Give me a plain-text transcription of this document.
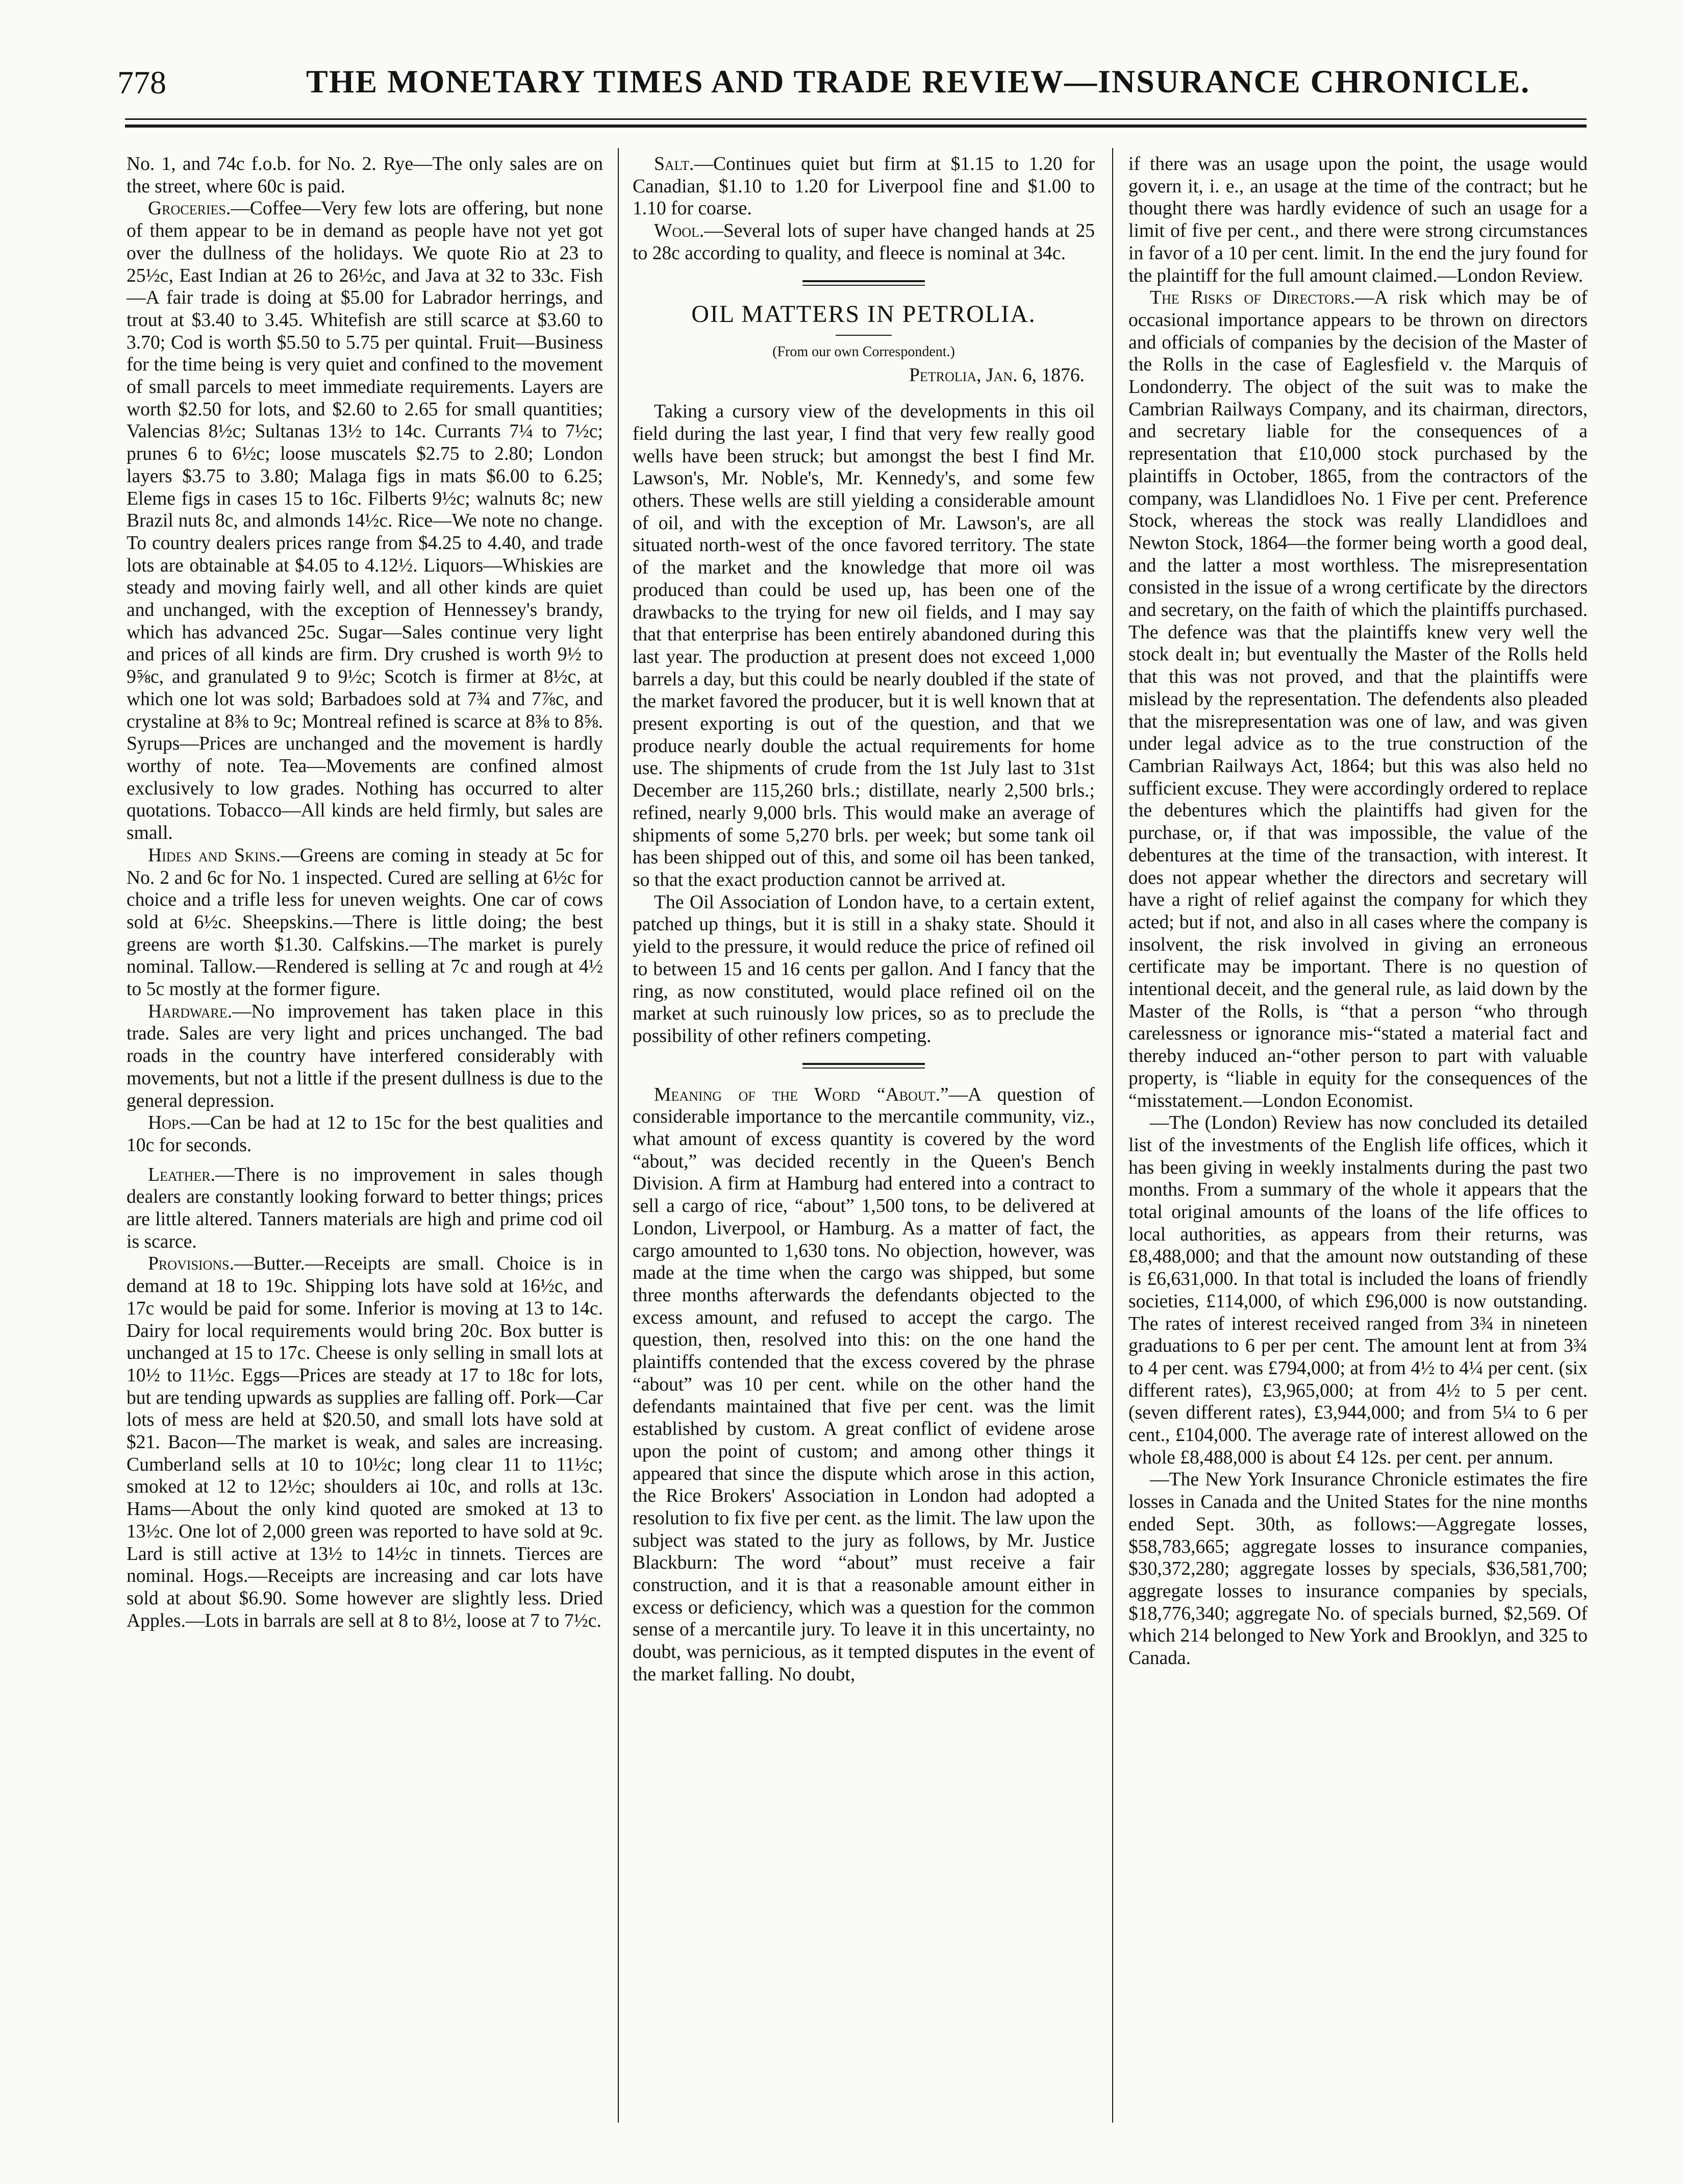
778	THE MONETARY TIMES AND TRADE REVIEW—INSURANCE CHRONICLE.

No. 1, and 74c f.o.b. for No. 2. Rye—The only sales are on the street, where 60c is paid.

Groceries.—Coffee—Very few lots are offering, but none of them appear to be in demand as people have not yet got over the dullness of the holidays. We quote Rio at 23 to 25½c, East Indian at 26 to 26½c, and Java at 32 to 33c. Fish—A fair trade is doing at $5.00 for Labrador herrings, and trout at $3.40 to 3.45. Whitefish are still scarce at $3.60 to 3.70; Cod is worth $5.50 to 5.75 per quintal. Fruit—Business for the time being is very quiet and confined to the movement of small parcels to meet immediate requirements. Layers are worth $2.50 for lots, and $2.60 to 2.65 for small quantities; Valencias 8½c; Sultanas 13½ to 14c. Currants 7¼ to 7½c; prunes 6 to 6½c; loose muscatels $2.75 to 2.80; London layers $3.75 to 3.80; Malaga figs in mats $6.00 to 6.25; Eleme figs in cases 15 to 16c. Filberts 9½c; walnuts 8c; new Brazil nuts 8c, and almonds 14½c. Rice—We note no change. To country dealers prices range from $4.25 to 4.40, and trade lots are obtainable at $4.05 to 4.12½. Liquors—Whiskies are steady and moving fairly well, and all other kinds are quiet and unchanged, with the exception of Hennessey's brandy, which has advanced 25c. Sugar—Sales continue very light and prices of all kinds are firm. Dry crushed is worth 9½ to 9⅝c, and granulated 9 to 9½c; Scotch is firmer at 8½c, at which one lot was sold; Barbadoes sold at 7¾ and 7⅞c, and crystaline at 8⅜ to 9c; Montreal refined is scarce at 8⅜ to 8⅝. Syrups—Prices are unchanged and the movement is hardly worthy of note. Tea—Movements are confined almost exclusively to low grades. Nothing has occurred to alter quotations. Tobacco—All kinds are held firmly, but sales are small.

Hides and Skins.—Greens are coming in steady at 5c for No. 2 and 6c for No. 1 inspected. Cured are selling at 6½c for choice and a trifle less for uneven weights. One car of cows sold at 6½c. Sheepskins.—There is little doing; the best greens are worth $1.30. Calfskins.—The market is purely nominal. Tallow.—Rendered is selling at 7c and rough at 4½ to 5c mostly at the former figure.

Hardware.—No improvement has taken place in this trade. Sales are very light and prices unchanged. The bad roads in the country have interfered considerably with movements, but not a little if the present dullness is due to the general depression.

Hops.—Can be had at 12 to 15c for the best qualities and 10c for seconds.

Leather.—There is no improvement in sales though dealers are constantly looking forward to better things; prices are little altered. Tanners materials are high and prime cod oil is scarce.

Provisions.—Butter.—Receipts are small. Choice is in demand at 18 to 19c. Shipping lots have sold at 16½c, and 17c would be paid for some. Inferior is moving at 13 to 14c. Dairy for local requirements would bring 20c. Box butter is unchanged at 15 to 17c. Cheese is only selling in small lots at 10½ to 11½c. Eggs—Prices are steady at 17 to 18c for lots, but are tending upwards as supplies are falling off. Pork—Car lots of mess are held at $20.50, and small lots have sold at $21. Bacon—The market is weak, and sales are increasing. Cumberland sells at 10 to 10½c; long clear 11 to 11½c; smoked at 12 to 12½c; shoulders ai 10c, and rolls at 13c. Hams—About the only kind quoted are smoked at 13 to 13½c. One lot of 2,000 green was reported to have sold at 9c. Lard is still active at 13½ to 14½c in tinnets. Tierces are nominal. Hogs.—Receipts are increasing and car lots have sold at about $6.90. Some however are slightly less. Dried Apples.—Lots in barrals are sell at 8 to 8½, loose at 7 to 7½c.

Salt.—Continues quiet but firm at $1.15 to 1.20 for Canadian, $1.10 to 1.20 for Liverpool fine and $1.00 to 1.10 for coarse.

Wool.—Several lots of super have changed hands at 25 to 28c according to quality, and fleece is nominal at 34c.

OIL MATTERS IN PETROLIA.
(From our own Correspondent.)
Petrolia, Jan. 6, 1876.

Taking a cursory view of the developments in this oil field during the last year, I find that very few really good wells have been struck; but amongst the best I find Mr. Lawson's, Mr. Noble's, Mr. Kennedy's, and some few others. These wells are still yielding a considerable amount of oil, and with the exception of Mr. Lawson's, are all situated north-west of the once favored territory. The state of the market and the knowledge that more oil was produced than could be used up, has been one of the drawbacks to the trying for new oil fields, and I may say that that enterprise has been entirely abandoned during this last year. The production at present does not exceed 1,000 barrels a day, but this could be nearly doubled if the state of the market favored the producer, but it is well known that at present exporting is out of the question, and that we produce nearly double the actual requirements for home use. The shipments of crude from the 1st July last to 31st December are 115,260 brls.; distillate, nearly 2,500 brls.; refined, nearly 9,000 brls. This would make an average of shipments of some 5,270 brls. per week; but some tank oil has been shipped out of this, and some oil has been tanked, so that the exact production cannot be arrived at.

The Oil Association of London have, to a certain extent, patched up things, but it is still in a shaky state. Should it yield to the pressure, it would reduce the price of refined oil to between 15 and 16 cents per gallon. And I fancy that the ring, as now constituted, would place refined oil on the market at such ruinously low prices, so as to preclude the possibility of other refiners competing.

Meaning of the Word “About.”—A question of considerable importance to the mercantile community, viz., what amount of excess quantity is covered by the word “about,” was decided recently in the Queen's Bench Division. A firm at Hamburg had entered into a contract to sell a cargo of rice, “about” 1,500 tons, to be delivered at London, Liverpool, or Hamburg. As a matter of fact, the cargo amounted to 1,630 tons. No objection, however, was made at the time when the cargo was shipped, but some three months afterwards the defendants objected to the excess amount, and refused to accept the cargo. The question, then, resolved into this: on the one hand the plaintiffs contended that the excess covered by the phrase “about” was 10 per cent. while on the other hand the defendants maintained that five per cent. was the limit established by custom. A great conflict of evidene arose upon the point of custom; and among other things it appeared that since the dispute which arose in this action, the Rice Brokers' Association in London had adopted a resolution to fix five per cent. as the limit. The law upon the subject was stated to the jury as follows, by Mr. Justice Blackburn: The word “about” must receive a fair construction, and it is that a reasonable amount either in excess or deficiency, which was a question for the common sense of a mercantile jury. To leave it in this uncertainty, no doubt, was pernicious, as it tempted disputes in the event of the market falling. No doubt,

if there was an usage upon the point, the usage would govern it, i. e., an usage at the time of the contract; but he thought there was hardly evidence of such an usage for a limit of five per cent., and there were strong circumstances in favor of a 10 per cent. limit. In the end the jury found for the plaintiff for the full amount claimed.—London Review.

The Risks of Directors.—A risk which may be of occasional importance appears to be thrown on directors and officials of companies by the decision of the Master of the Rolls in the case of Eaglesfield v. the Marquis of Londonderry. The object of the suit was to make the Cambrian Railways Company, and its chairman, directors, and secretary liable for the consequences of a representation that £10,000 stock purchased by the plaintiffs in October, 1865, from the contractors of the company, was Llandidloes No. 1 Five per cent. Preference Stock, whereas the stock was really Llandidloes and Newton Stock, 1864—the former being worth a good deal, and the latter a most worthless. The misrepresentation consisted in the issue of a wrong certificate by the directors and secretary, on the faith of which the plaintiffs purchased. The defence was that the plaintiffs knew very well the stock dealt in; but eventually the Master of the Rolls held that this was not proved, and that the plaintiffs were mislead by the representation. The defendents also pleaded that the misrepresentation was one of law, and was given under legal advice as to the true construction of the Cambrian Railways Act, 1864; but this was also held no sufficient excuse. They were accordingly ordered to replace the debentures which the plaintiffs had given for the purchase, or, if that was impossible, the value of the debentures at the time of the transaction, with interest. It does not appear whether the directors and secretary will have a right of relief against the company for which they acted; but if not, and also in all cases where the company is insolvent, the risk involved in giving an erroneous certificate may be important. There is no question of intentional deceit, and the general rule, as laid down by the Master of the Rolls, is “that a person “who through carelessness or ignorance mis-“stated a material fact and thereby induced an-“other person to part with valuable property, is “liable in equity for the consequences of the “misstatement.—London Economist.

—The (London) Review has now concluded its detailed list of the investments of the English life offices, which it has been giving in weekly instalments during the past two months. From a summary of the whole it appears that the total original amounts of the loans of the life offices to local authorities, as appears from their returns, was £8,488,000; and that the amount now outstanding of these is £6,631,000. In that total is included the loans of friendly societies, £114,000, of which £96,000 is now outstanding. The rates of interest received ranged from 3¾ in nineteen graduations to 6 per per cent. The amount lent at from 3¾ to 4 per cent. was £794,000; at from 4½ to 4¼ per cent. (six different rates), £3,965,000; at from 4½ to 5 per cent. (seven different rates), £3,944,000; and from 5¼ to 6 per cent., £104,000. The average rate of interest allowed on the whole £8,488,000 is about £4 12s. per cent. per annum.

—The New York Insurance Chronicle estimates the fire losses in Canada and the United States for the nine months ended Sept. 30th, as follows:—Aggregate losses, $58,783,665; aggregate losses to insurance companies, $30,372,280; aggregate losses by specials, $36,581,700; aggregate losses to insurance companies by specials, $18,776,340; aggregate No. of specials burned, $2,569. Of which 214 belonged to New York and Brooklyn, and 325 to Canada.
